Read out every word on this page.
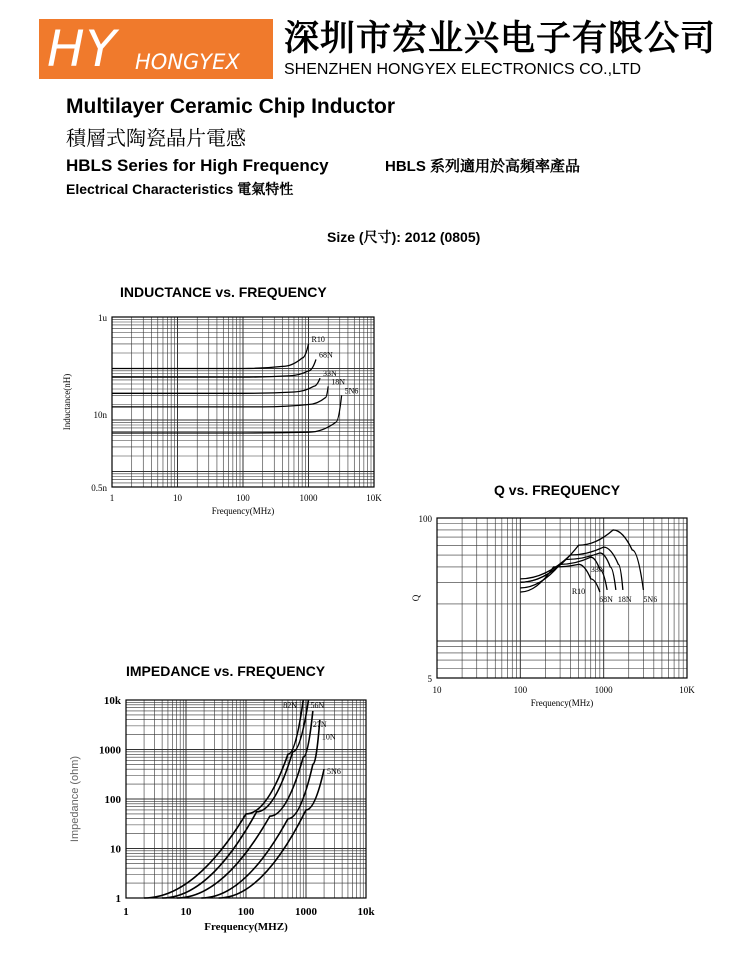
HY HONGYEX
深圳市宏业兴电子有限公司
SHENZHEN HONGYEX ELECTRONICS CO.,LTD
Multilayer Ceramic Chip Inductor
積層式陶瓷晶片電感
HBLS Series for High Frequency	HBLS 系列適用於高頻率產品
Electrical Characteristics 電氣特性
Size (尺寸): 2012 (0805)
INDUCTANCE vs. FREQUENCY
1	10	100	1000	10K
1u
10n
0.5n
Frequency(MHz)
Inductance(nH)
R10
68N
33N
18N
5N6
Q vs. FREQUENCY
10	100	1000	10K
100
5
Frequency(MHz)
Q
R10
68N
33N
18N 5N6
IMPEDANCE vs. FREQUENCY
1	10	100	1000	10k
10k
1000
100
10
1
Frequency(MHZ)
Impedance (ohm)
82N 56N
27N
10N
5N6
